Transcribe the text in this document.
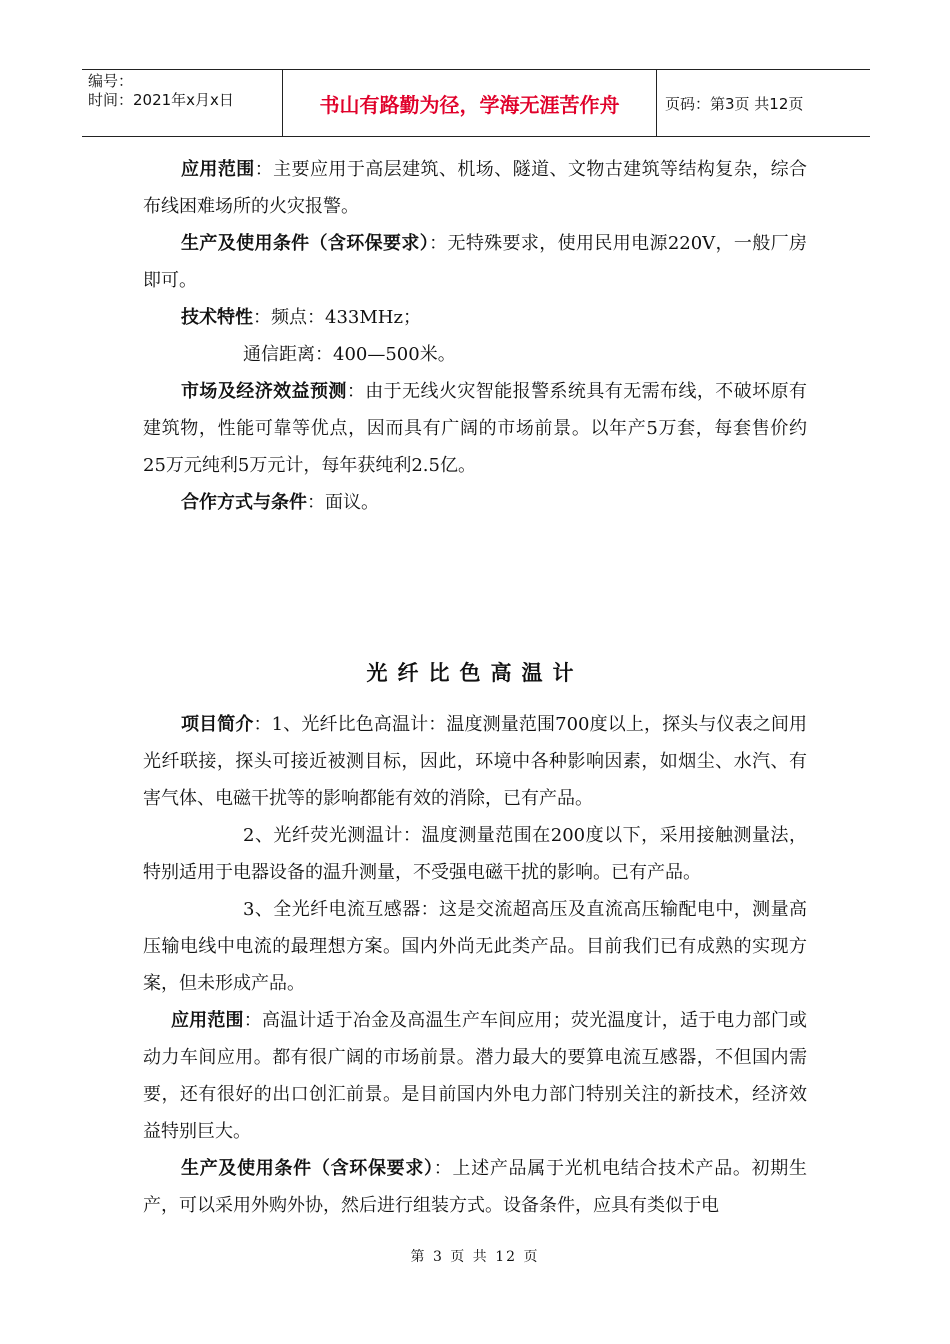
编号：
时间：2021年x月x日	书山有路勤为径，学海无涯苦作舟	页码：第3页 共12页

应用范围：主要应用于高层建筑、机场、隧道、文物古建筑等结构复杂，综合布线困难场所的火灾报警。

生产及使用条件（含环保要求）：无特殊要求，使用民用电源220V，一般厂房即可。

技术特性：频点：433MHz；

通信距离：400—500米。

市场及经济效益预测：由于无线火灾智能报警系统具有无需布线，不破坏原有建筑物，性能可靠等优点，因而具有广阔的市场前景。以年产5万套，每套售价约25万元纯利5万元计，每年获纯利2.5亿。

合作方式与条件：面议。

光纤比色高温计

项目简介：1、光纤比色高温计：温度测量范围700度以上，探头与仪表之间用光纤联接，探头可接近被测目标，因此，环境中各种影响因素，如烟尘、水汽、有害气体、电磁干扰等的影响都能有效的消除，已有产品。

2、光纤荧光测温计：温度测量范围在200度以下，采用接触测量法，特别适用于电器设备的温升测量，不受强电磁干扰的影响。已有产品。

3、全光纤电流互感器：这是交流超高压及直流高压输配电中，测量高压输电线中电流的最理想方案。国内外尚无此类产品。目前我们已有成熟的实现方案，但未形成产品。

应用范围：高温计适于冶金及高温生产车间应用；荧光温度计，适于电力部门或动力车间应用。都有很广阔的市场前景。潜力最大的要算电流互感器，不但国内需要，还有很好的出口创汇前景。是目前国内外电力部门特别关注的新技术，经济效益特别巨大。

生产及使用条件（含环保要求）：上述产品属于光机电结合技术产品。初期生产，可以采用外购外协，然后进行组装方式。设备条件，应具有类似于电

第 3 页 共 12 页
